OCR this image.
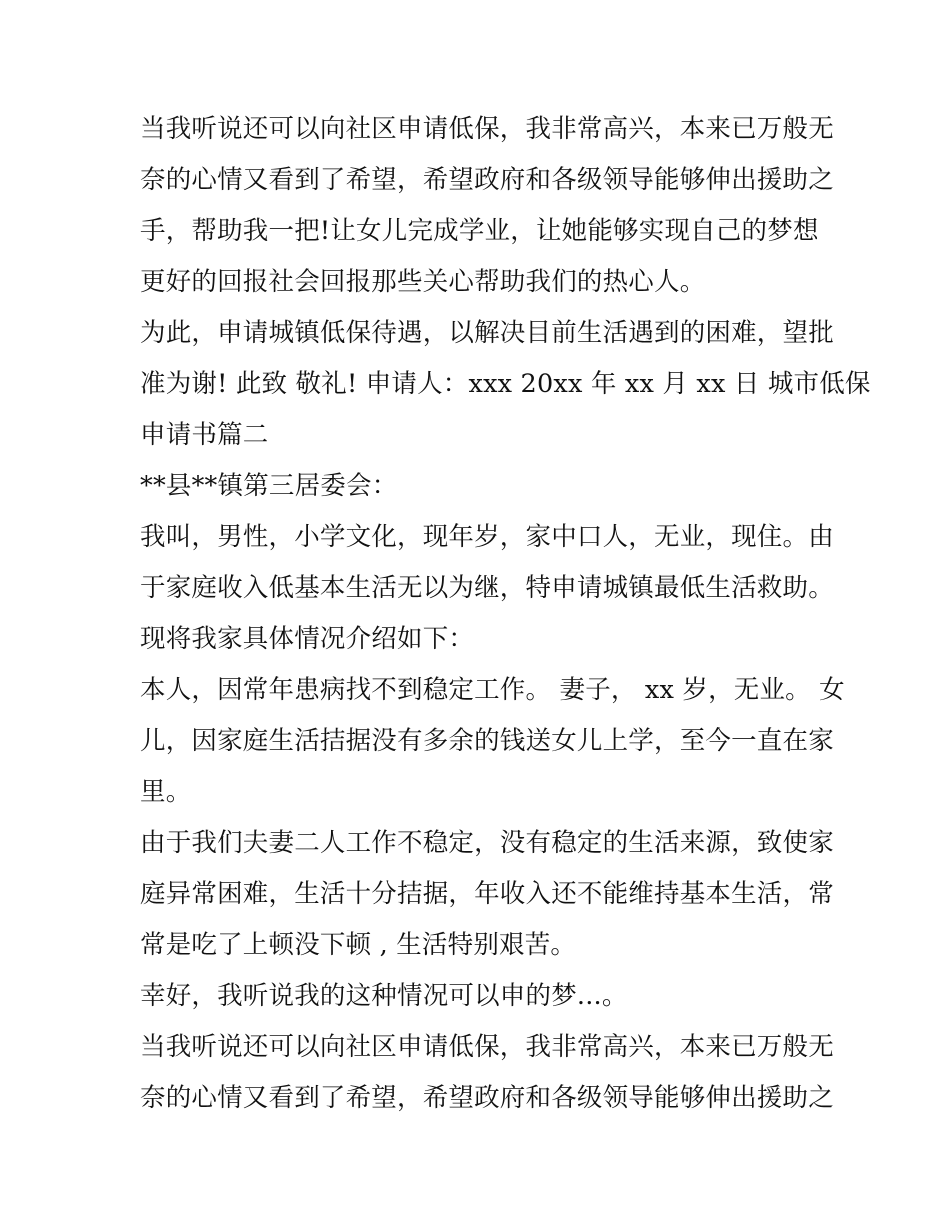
当我听说还可以向社区申请低保，我非常高兴，本来已万般无
奈的心情又看到了希望，希望政府和各级领导能够伸出援助之
手，帮助我一把!让女儿完成学业，让她能够实现自己的梦想
更好的回报社会回报那些关心帮助我们的热心人。
为此，申请城镇低保待遇，以解决目前生活遇到的困难，望批
准为谢! 此致 敬礼! 申请人：xxx 20xx 年 xx 月 xx 日 城市低保
申请书篇二
**县**镇第三居委会：
我叫，男性，小学文化，现年岁，家中口人，无业，现住。由
于家庭收入低基本生活无以为继，特申请城镇最低生活救助。
现将我家具体情况介绍如下：
本人，因常年患病找不到稳定工作。 妻子， xx 岁，无业。 女
儿，因家庭生活拮据没有多余的钱送女儿上学，至今一直在家
里。
由于我们夫妻二人工作不稳定，没有稳定的生活来源，致使家
庭异常困难，生活十分拮据，年收入还不能维持基本生活，常
常是吃了上顿没下顿 , 生活特别艰苦。
幸好，我听说我的这种情况可以申的梦...。
当我听说还可以向社区申请低保，我非常高兴，本来已万般无
奈的心情又看到了希望，希望政府和各级领导能够伸出援助之
